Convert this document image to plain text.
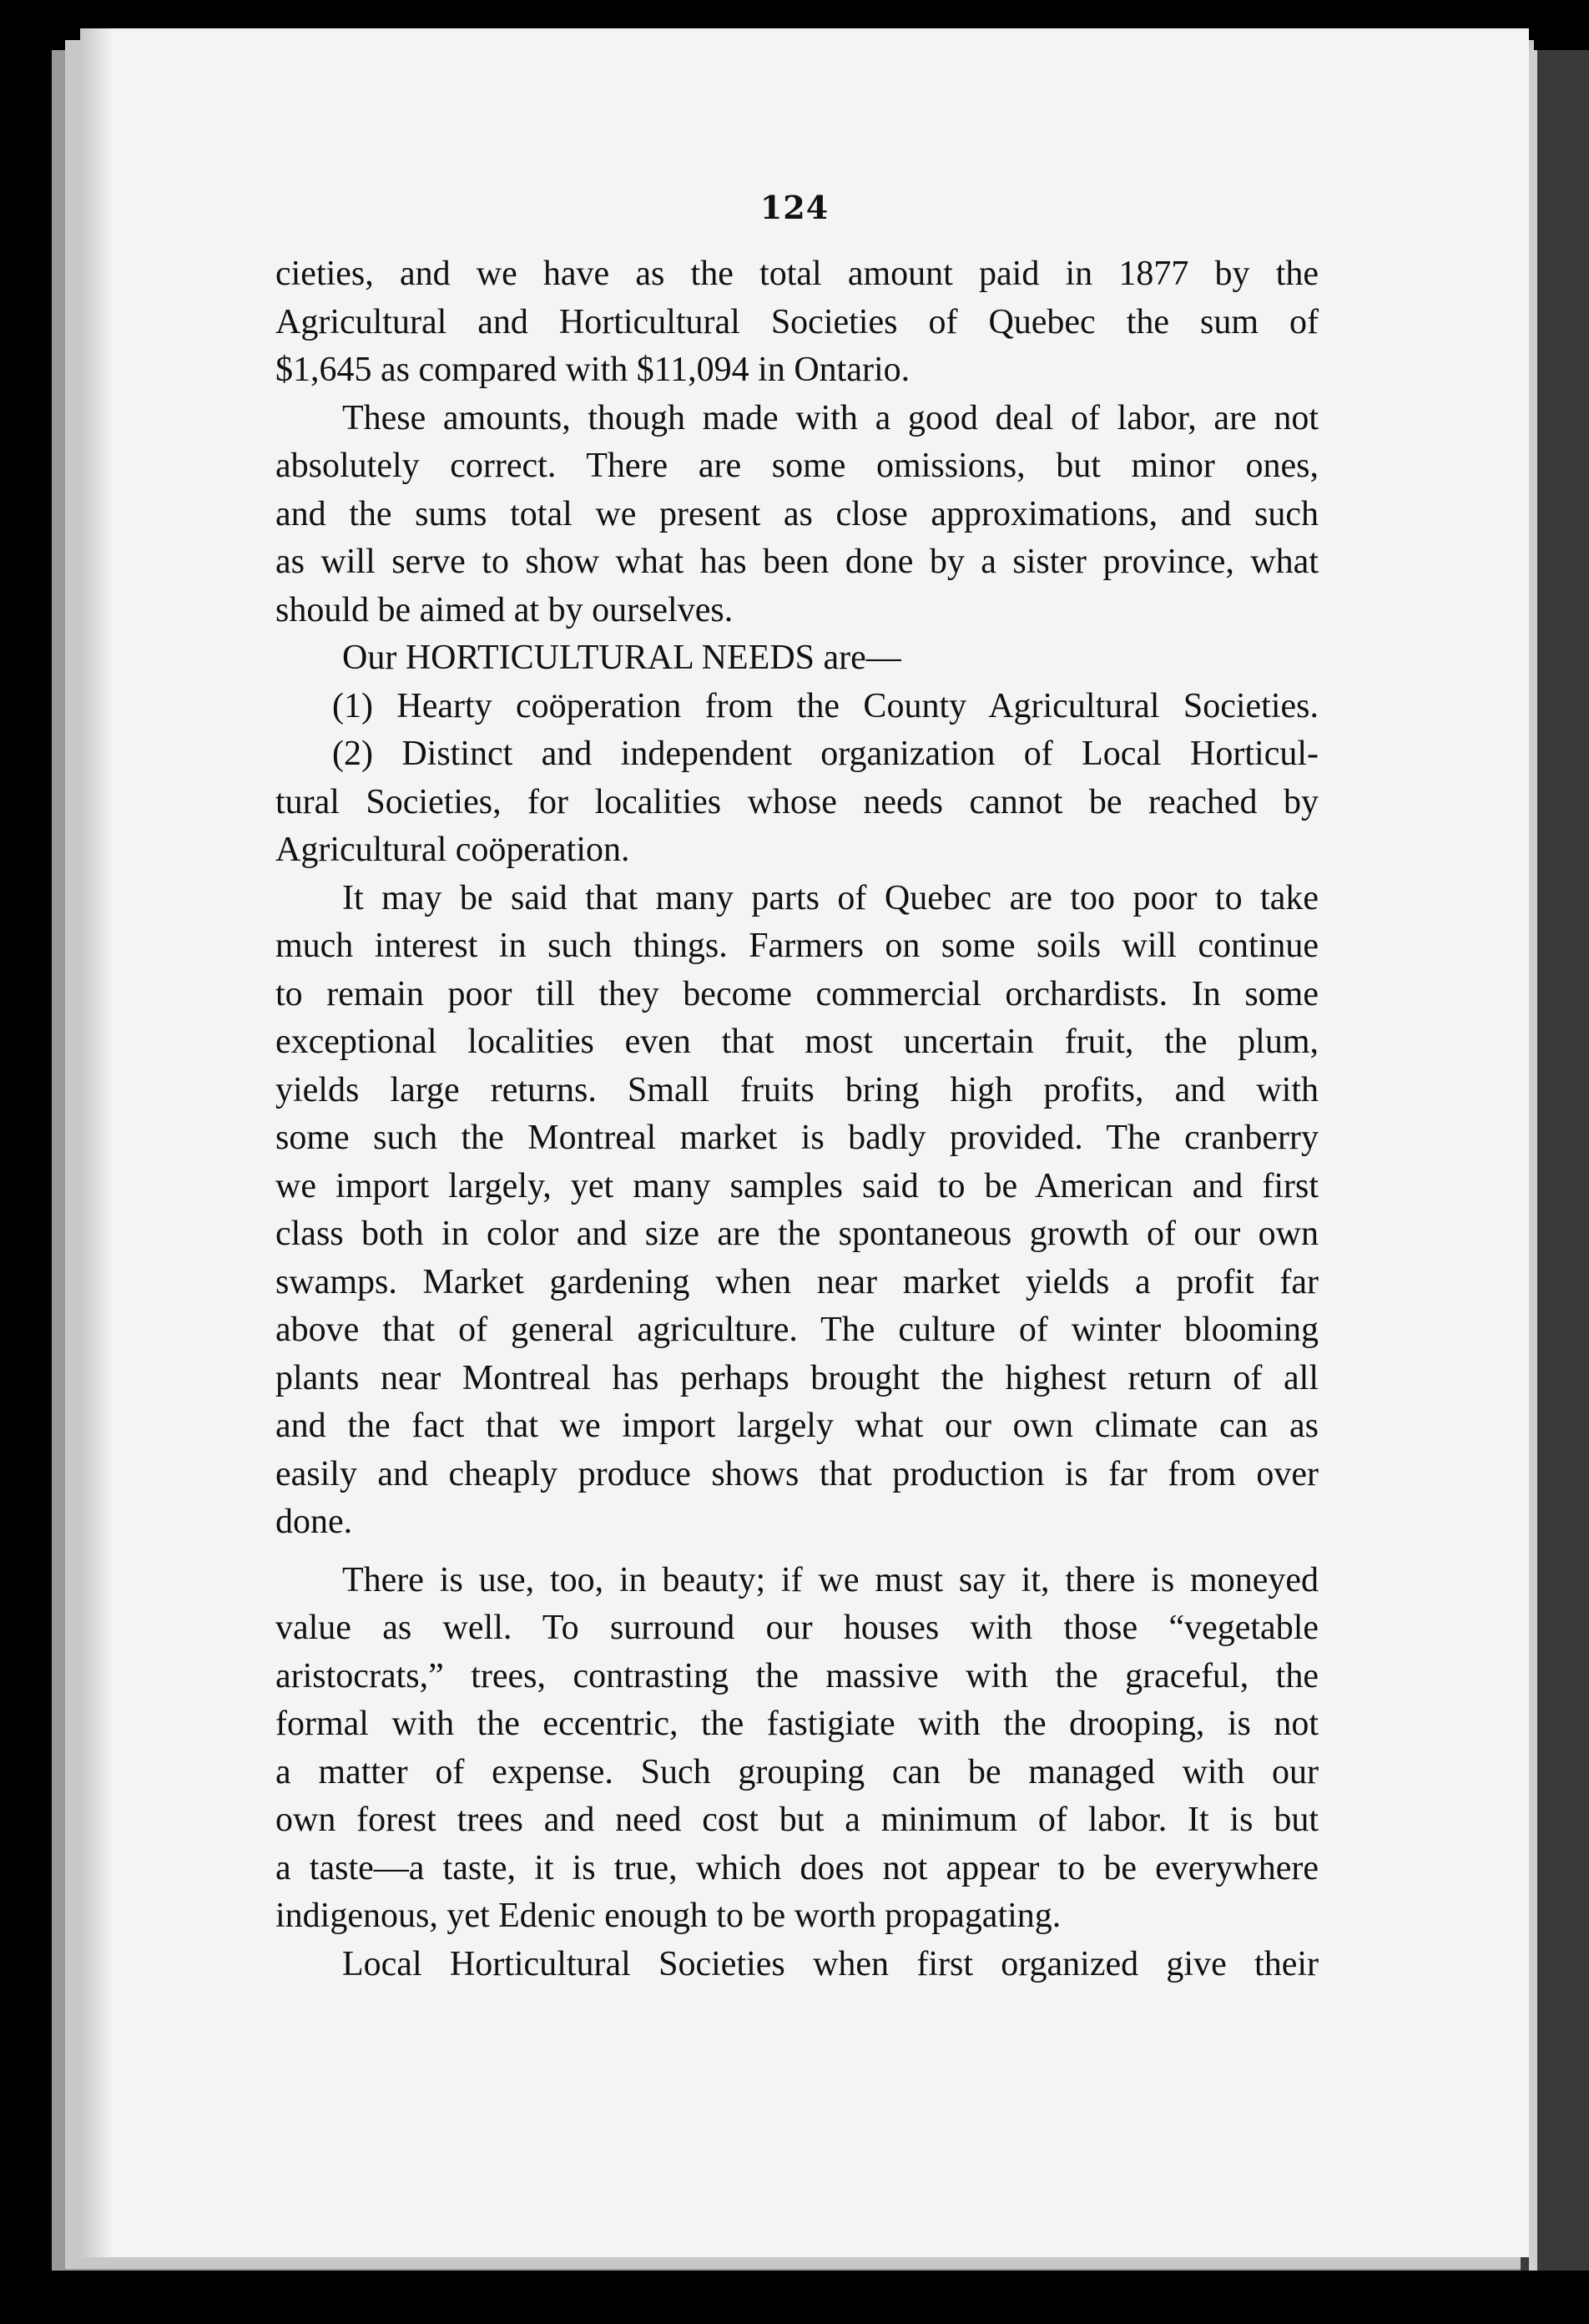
124
cieties, and we have as the total amount paid in 1877 by the
Agricultural and Horticultural Societies of Quebec the sum of
$1,645 as compared with $11,094 in Ontario.
These amounts, though made with a good deal of labor, are not
absolutely correct. There are some omissions, but minor ones,
and the sums total we present as close approximations, and such
as will serve to show what has been done by a sister province, what
should be aimed at by ourselves.
Our HORTICULTURAL NEEDS are—
(1) Hearty coöperation from the County Agricultural Societies.
(2) Distinct and independent organization of Local Horticul-
tural Societies, for localities whose needs cannot be reached by
Agricultural coöperation.
It may be said that many parts of Quebec are too poor to take
much interest in such things. Farmers on some soils will continue
to remain poor till they become commercial orchardists. In some
exceptional localities even that most uncertain fruit, the plum,
yields large returns. Small fruits bring high profits, and with
some such the Montreal market is badly provided. The cranberry
we import largely, yet many samples said to be American and first
class both in color and size are the spontaneous growth of our own
swamps. Market gardening when near market yields a profit far
above that of general agriculture. The culture of winter blooming
plants near Montreal has perhaps brought the highest return of all
and the fact that we import largely what our own climate can as
easily and cheaply produce shows that production is far from over
done.
There is use, too, in beauty; if we must say it, there is moneyed
value as well. To surround our houses with those “vegetable
aristocrats,” trees, contrasting the massive with the graceful, the
formal with the eccentric, the fastigiate with the drooping, is not
a matter of expense. Such grouping can be managed with our
own forest trees and need cost but a minimum of labor. It is but
a taste—a taste, it is true, which does not appear to be everywhere
indigenous, yet Edenic enough to be worth propagating.
Local Horticultural Societies when first organized give their
